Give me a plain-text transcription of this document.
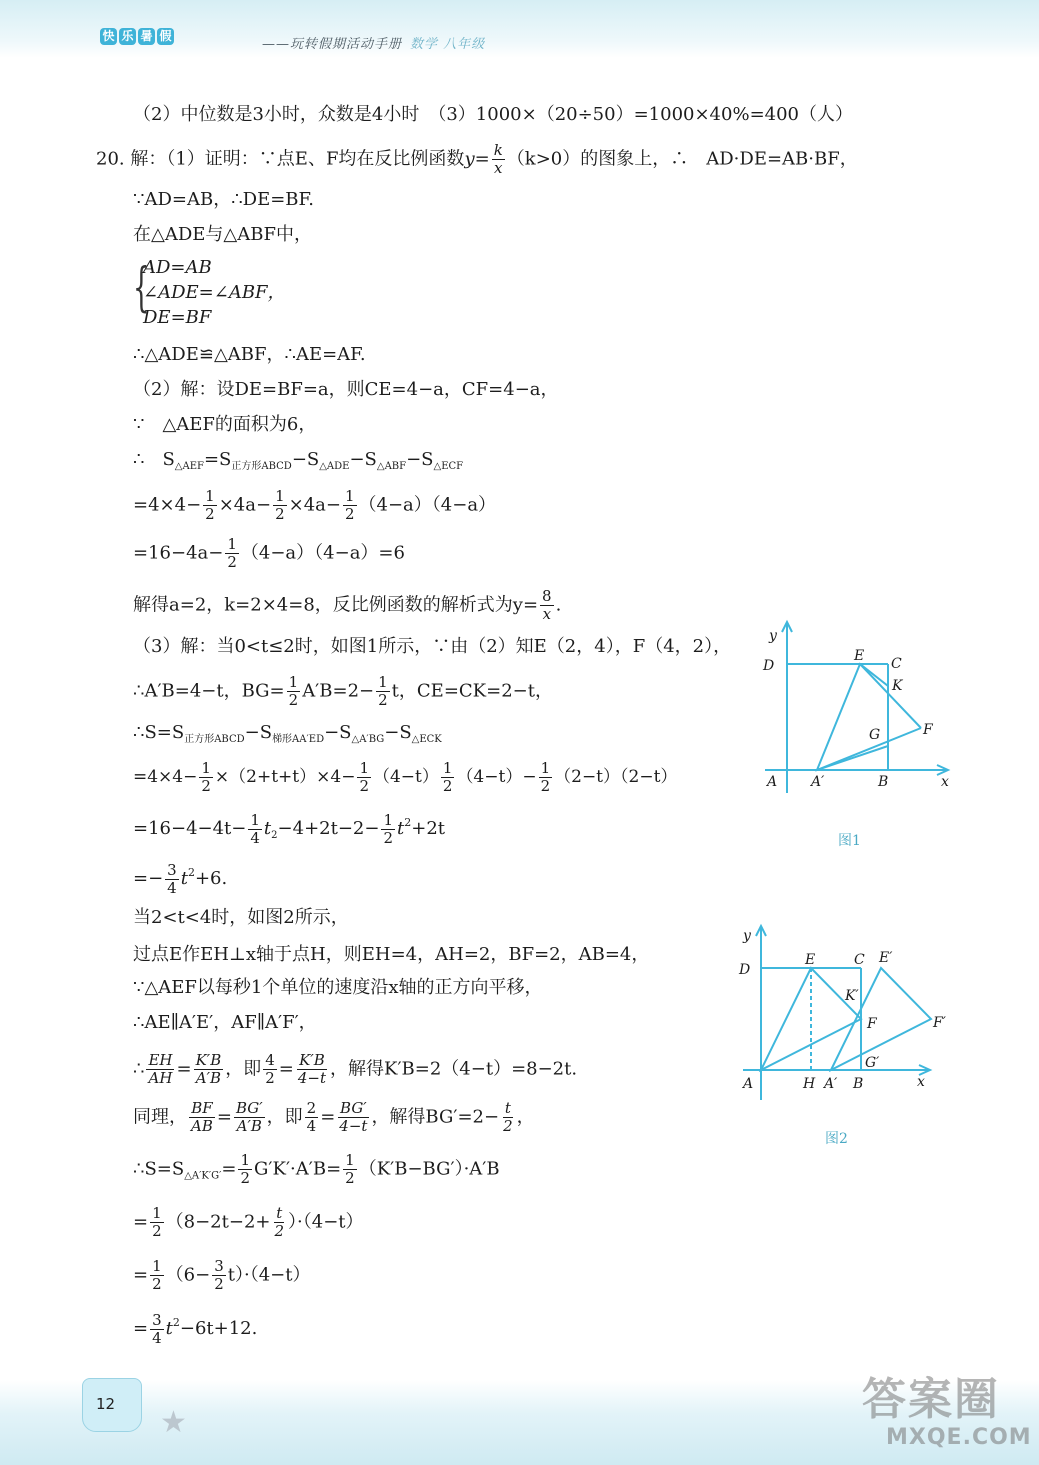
快 乐 暑 假
——玩转假期活动手册 数学 八年级
（2）中位数是3小时，众数是4小时　（3）1000×（20÷50）=1000×40%=400（人）
20. 解：（1）证明：∵点E、F均在反比例函数$y= \frac{k}{x} (k>0)$的图象上，∴　AD·DE=AB·BF，
∵AD=AB，∴DE=BF.
在△ADE与△ABF中，
{
AD=AB
∠ADE=∠ABF，
DE=BF
∴△ADE≌△ABF，∴AE=AF.
（2）解：设DE=BF=a，则CE=4−a，CF=4−a，
∵　△AEF的面积为6，
∴　$S_{\triangle AEF}=S_{正方形ABCD}-S_{\triangle ADE}-S_{\triangle ABF}-S_{\triangle ECF}$
$=4\times 4- \frac{1}{2} \times 4a- \frac{1}{2} \times 4a- \frac{1}{2} (4-a)(4-a)$
$=16-4a- \frac{1}{2} (4-a)(4-a)=6$
解得a=2，k=2×4=8，反比例函数的解析式为$y= \frac{8}{x}$ .
（3）解：当0<t≤2时，如图1所示，∵由（2）知E（2，4），F（4，2），
∴A′B=4−t，$BG= \frac{1}{2} A'B=2- \frac{1}{2}$ t，CE=CK=2−t，
$\therefore S=S_{正方形ABCD}-S_{梯形AA'ED}-S_{\triangle A'BG}-S_{\triangle ECK}$
$=4\times 4- \frac{1}{2} \times(2+t+t)\times 4- \frac{1}{2} (4-t) \frac{1}{2} (4-t)- \frac{1}{2} (2-t)(2-t)$
$=16-4-4t- \frac{1}{4} t_2-4+2t-2- \frac{1}{2} t^2+2t$
=− $\frac{3}{4} t^2+6$.
当2<t<4时，如图2所示，
过点E作EH⊥x轴于点H，则EH=4，AH=2，BF=2，AB=4，
∵△AEF以每秒1个单位的速度沿x轴的正方向平移，
∴AE∥A′E′，AF∥A′F′，
∴ $\frac{EH}{AH} = \frac{K'B}{A'B}$ ，即 $\frac{4}{2} = \frac{K'B}{4-t}$ ，解得K′B=2（4−t）=8−2t.
同理， $\frac{BF}{AB} = \frac{BG'}{A'B}$ ，即 $\frac{2}{4} = \frac{BG'}{4-t}$ ，解得$BG'=2- \frac{t}{2}$ ，
$\therefore S=S_{\triangle A'K'G'}= \frac{1}{2} G'K'\cdot A'B= \frac{1}{2} (K'B-BG')\cdot A'B$
= $\frac{1}{2} (8-2t-2+ \frac{t}{2} )\cdot(4-t)$
= $\frac{1}{2} (6- \frac{3}{2} t)\cdot(4-t)$
= $\frac{3}{4} t^2-6t+12$.
y
D
E C
K
G	F
A A′	B	x
图1
y
D
E	C E′
K′
F	F′
G′
A	H A′ B	x
图2
12
★	答案圈
MXQE.COM
